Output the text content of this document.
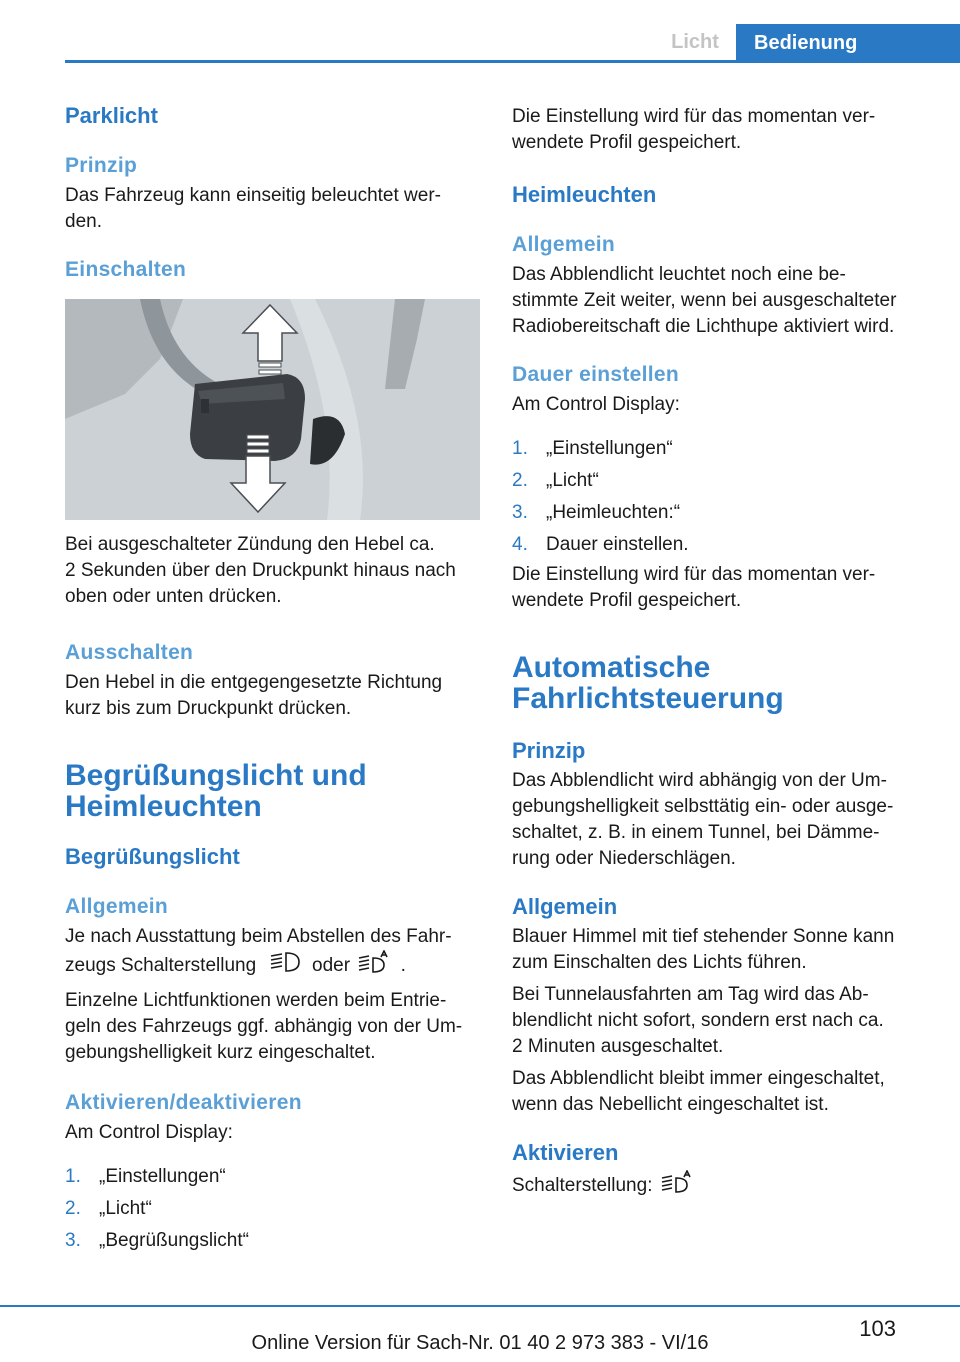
Licht	Bedienung
Parklicht
Prinzip

Das Fahrzeug kann einseitig beleuchtet wer-
den.

Einschalten

Bei ausgeschalteter Zündung den Hebel ca.
2 Sekunden über den Druckpunkt hinaus nach
oben oder unten drücken.

Ausschalten

Den Hebel in die entgegengesetzte Richtung
kurz bis zum Druckpunkt drücken.

Begrüßungslicht und
Heimleuchten
Begrüßungslicht
Allgemein

Je nach Ausstattung beim Abstellen des Fahr-
zeugs Schalterstellung   oder	.

Einzelne Lichtfunktionen werden beim Entrie-
geln des Fahrzeugs ggf. abhängig von der Um-
gebungshelligkeit kurz eingeschaltet.

Aktivieren/deaktivieren

Am Control Display:

1. „Einstellungen“
2. „Licht“
3. „Begrüßungslicht“

Die Einstellung wird für das momentan ver-
wendete Profil gespeichert.

Heimleuchten
Allgemein

Das Abblendlicht leuchtet noch eine be-
stimmte Zeit weiter, wenn bei ausgeschalteter
Radiobereitschaft die Lichthupe aktiviert wird.

Dauer einstellen

Am Control Display:

1. „Einstellungen“
2. „Licht“
3. „Heimleuchten:“
4. Dauer einstellen.

Die Einstellung wird für das momentan ver-
wendete Profil gespeichert.

Automatische
Fahrlichtsteuerung
Prinzip

Das Abblendlicht wird abhängig von der Um-
gebungshelligkeit selbsttätig ein- oder ausge-
schaltet, z. B. in einem Tunnel, bei Dämme-
rung oder Niederschlägen.

Allgemein

Blauer Himmel mit tief stehender Sonne kann
zum Einschalten des Lichts führen.

Bei Tunnelausfahrten am Tag wird das Ab-
blendlicht nicht sofort, sondern erst nach ca.
2 Minuten ausgeschaltet.

Das Abblendlicht bleibt immer eingeschaltet,
wenn das Nebellicht eingeschaltet ist.

Aktivieren

Schalterstellung:

103
Online Version für Sach-Nr. 01 40 2 973 383 - VI/16
